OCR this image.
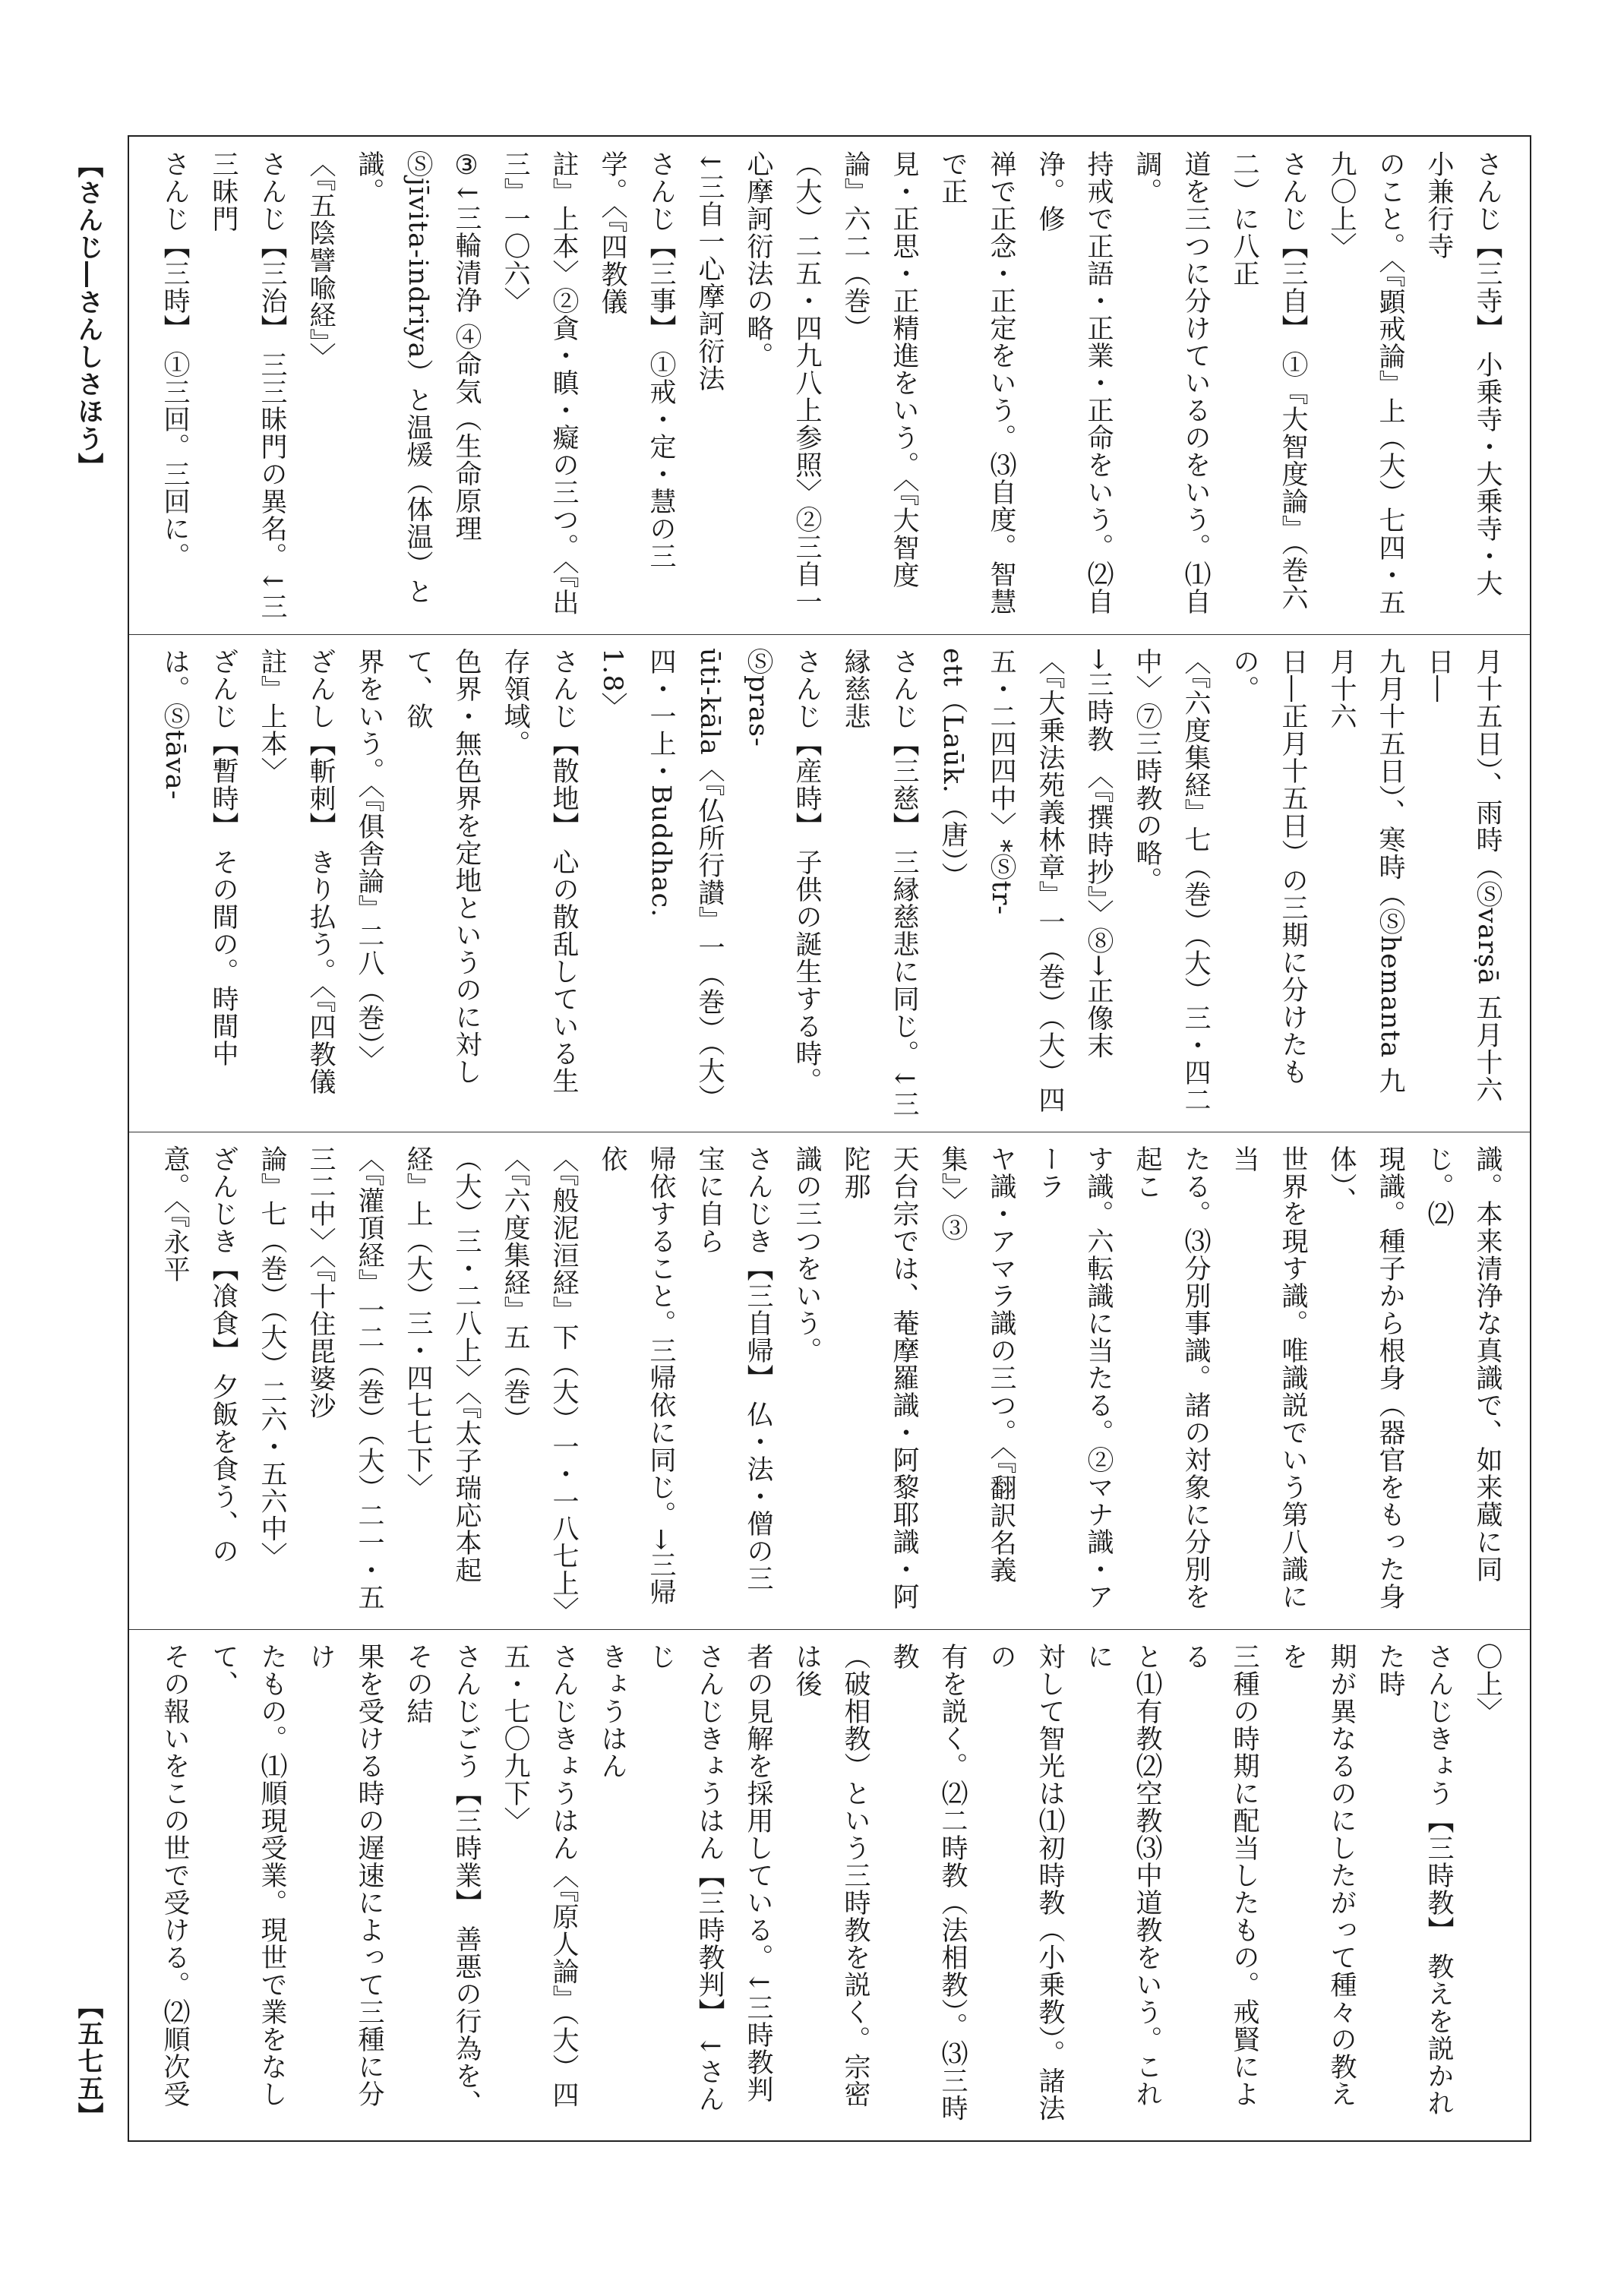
【さんじ―さんしさほう】	さんじ【三寺】 小乗寺・大乗寺・大小兼行寺

のこと。〈『顕戒論』上（大）七四・五九〇上〉

さんじ【三自】 ①『大智度論』（巻六二）に八正

道を三つに分けているのをいう。⑴自調。

持戒で正語・正業・正命をいう。⑵自浄。修

禅で正念・正定をいう。⑶自度。智慧で正

見・正思・正精進をいう。〈『大智度論』六二（巻）

（大）二五・四九八上参照〉②三自一心摩訶衍法の略。

↓三自一心摩訶衍法

さんじ【三事】 ①戒・定・慧の三学。〈『四教儀

註』上本〉②貪・瞋・癡の三つ。〈『出三』一〇六〉

③↓三輪清浄 ④命気（生命原理

Ⓢjīvita-indriya）と温煖（体温）と識。

〈『五陰譬喩経』〉

さんじ【三治】 三三昧門の異名。↓三三昧門

さんじ【三時】 ①三回。三回に。

月十五日）、雨時（Ⓢvarṣā 五月十六日―

九月十五日）、寒時（Ⓢhemanta 九月十六

日―正月十五日）の三期に分けたもの。

〈『六度集経』七（巻）（大）三・四二中〉⑦三時教の略。

→三時教 〈『撰時抄』〉⑧→正像末

〈『大乗法苑義林章』一（巻）（大）四五・二四四中〉*Ⓢtr-

ett（Laūk.（唐））

さんじ【三慈】 三縁慈悲に同じ。↓三縁慈悲

さんじ【産時】 子供の誕生する時。Ⓢpras-

ūti-kāla〈『仏所行讃』一（巻）（大）四・一上・Buddhac.

1.8〉

さんじ【散地】 心の散乱している生存領域。

色界・無色界を定地というのに対して、欲

界をいう。〈『俱舎論』二八（巻）〉

ざんし【斬刺】 きり払う。〈『四教儀註』上本〉

ざんじ【暫時】 その間の。時間中は。Ⓢtāva-

識。本来清浄な真識で、如来蔵に同じ。⑵

現識。種子から根身（器官をもった身体）、

世界を現す識。唯識説でいう第八識に当

たる。⑶分別事識。諸の対象に分別を起こ

す識。六転識に当たる。②マナ識・アーラ

ヤ識・アマラ識の三つ。〈『翻訳名義集』〉③

天台宗では、菴摩羅識・阿黎耶識・阿陀那

識の三つをいう。

さんじき【三自帰】 仏・法・僧の三宝に自ら

帰依すること。三帰依に同じ。→三帰依

〈『般泥洹経』下（大）一・一八七上〉〈『六度集経』五（巻）

（大）三・二八上〉〈『太子瑞応本起経』上（大）三・四七七下〉

〈『灌頂経』一二（巻）（大）二一・五三二中〉〈『十住毘婆沙

論』七（巻）（大）二六・五六中〉

ざんじき【飡食】 夕飯を食う、の意。〈『永平

〇上〉

さんじきょう【三時教】 教えを説かれた時

期が異なるのにしたがって種々の教えを

三種の時期に配当したもの。戒賢による

と⑴有教⑵空教⑶中道教をいう。これに

対して智光は⑴初時教（小乗教）。諸法の

有を説く。⑵二時教（法相教）。⑶三時教

（破相教）という三時教を説く。宗密は後

者の見解を採用している。↓三時教判

さんじきょうはん【三時教判】 ↓さんじ

きょうはん

さんじきょうはん〈『原人論』（大）四五・七〇九下〉

さんじごう【三時業】 善悪の行為を、その結

果を受ける時の遅速によって三種に分け

たもの。⑴順現受業。現世で業をなして、

その報いをこの世で受ける。⑵順次受

【五七五】
